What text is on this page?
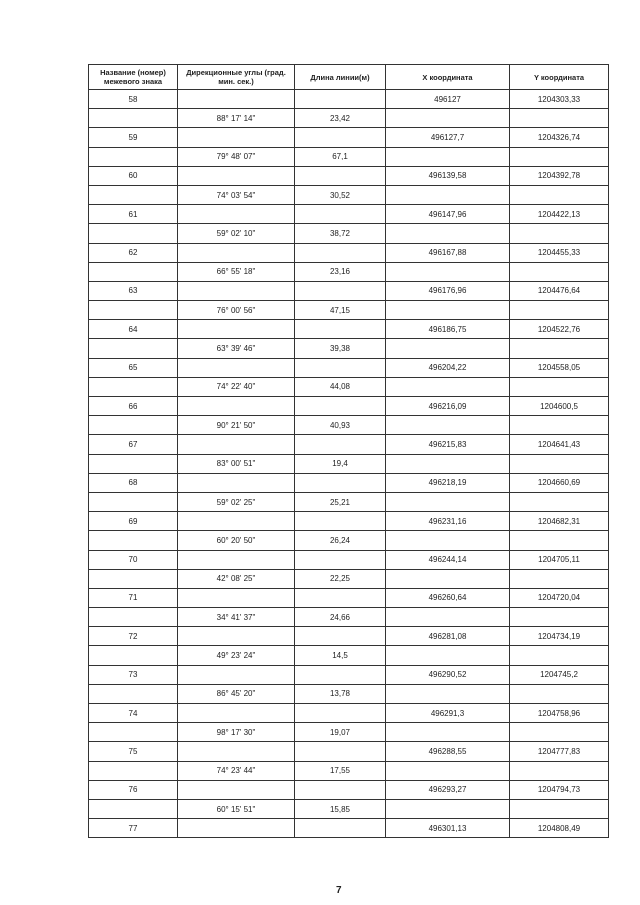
Название (номер) межевого знака	Дирекционные углы (град. мин. сек.)	Длина линии(м)	X координата	Y координата
58			496127	1204303,33
	88° 17' 14"	23,42		
59			496127,7	1204326,74
	79° 48' 07"	67,1		
60			496139,58	1204392,78
	74° 03' 54"	30,52		
61			496147,96	1204422,13
	59° 02' 10"	38,72		
62			496167,88	1204455,33
	66° 55' 18"	23,16		
63			496176,96	1204476,64
	76° 00' 56"	47,15		
64			496186,75	1204522,76
	63° 39' 46"	39,38		
65			496204,22	1204558,05
	74° 22' 40"	44,08		
66			496216,09	1204600,5
	90° 21' 50"	40,93		
67			496215,83	1204641,43
	83° 00' 51"	19,4		
68			496218,19	1204660,69
	59° 02' 25"	25,21		
69			496231,16	1204682,31
	60° 20' 50"	26,24		
70			496244,14	1204705,11
	42° 08' 25"	22,25		
71			496260,64	1204720,04
	34° 41' 37"	24,66		
72			496281,08	1204734,19
	49° 23' 24"	14,5		
73			496290,52	1204745,2
	86° 45' 20"	13,78		
74			496291,3	1204758,96
	98° 17' 30"	19,07		
75			496288,55	1204777,83
	74° 23' 44"	17,55		
76			496293,27	1204794,73
	60° 15' 51"	15,85		
77			496301,13	1204808,49
7
